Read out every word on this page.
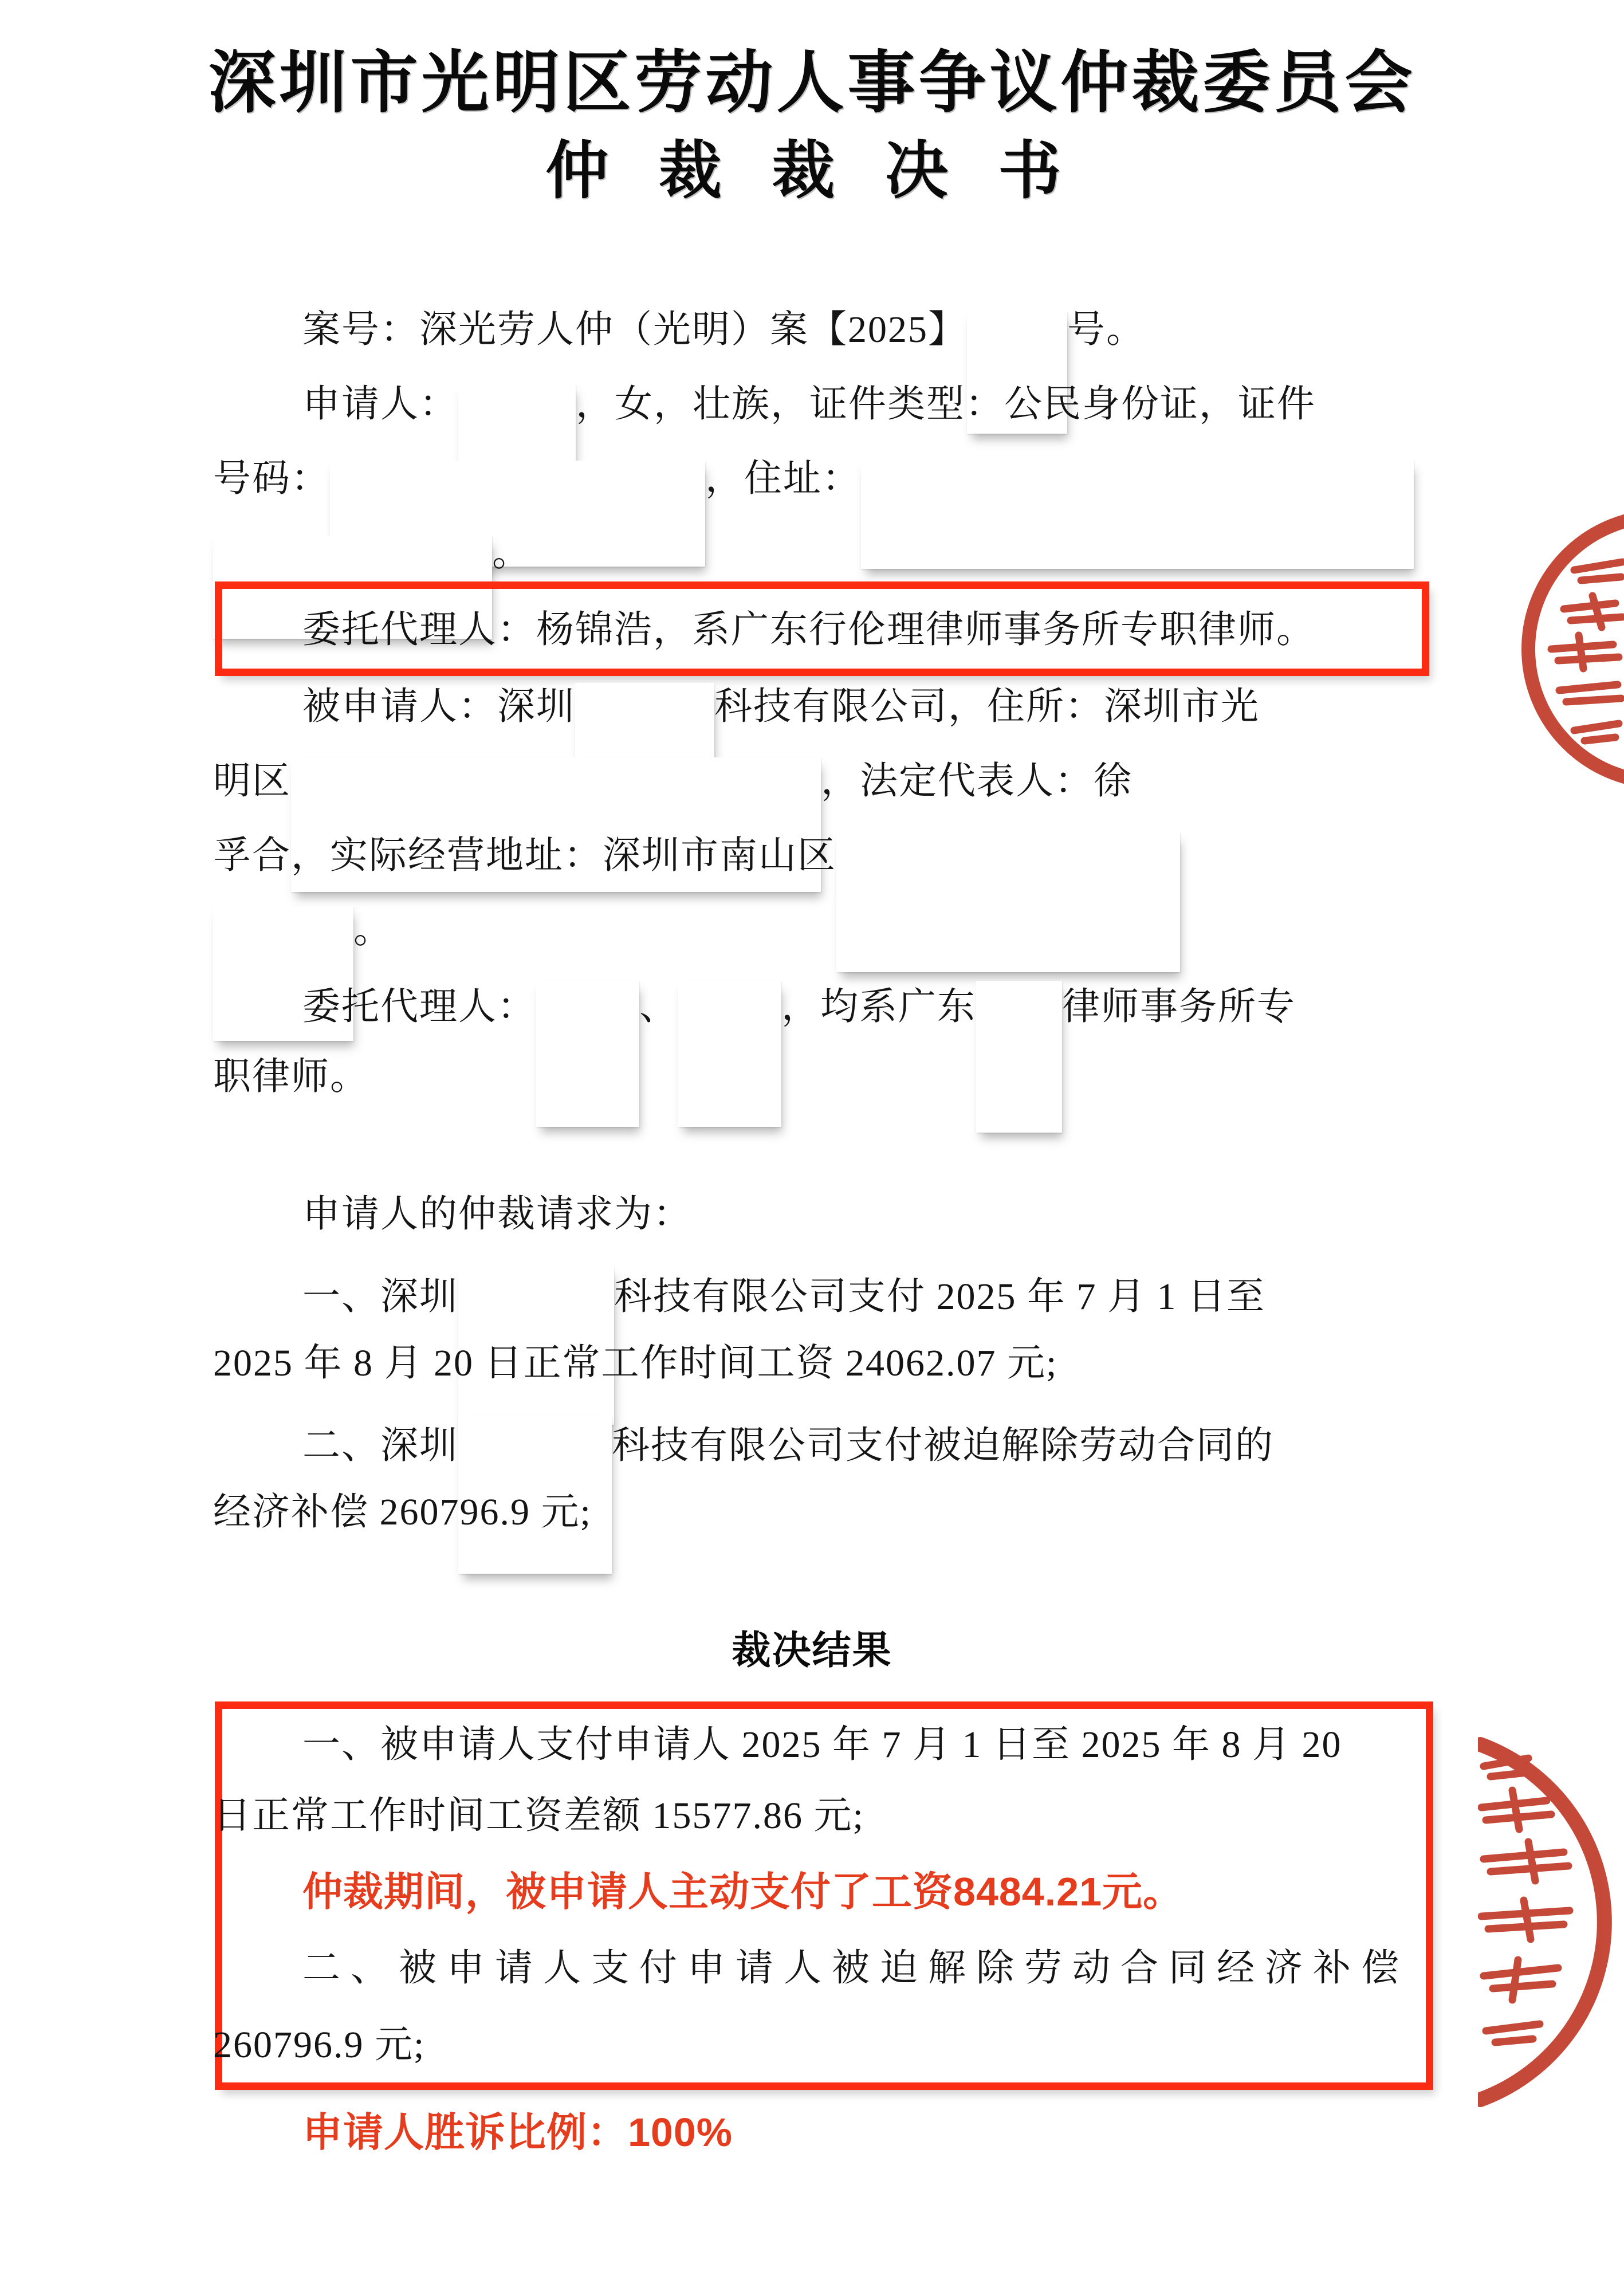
深圳市光明区劳动人事争议仲裁委员会
仲 裁 裁 决 书
案号：深光劳人仲（光明）案【2025】	号。
申请人：	，女，壮族，证件类型：公民身份证，证件
号码：	，住址：
。
委托代理人：杨锦浩，系广东行伦理律师事务所专职律师。
被申请人：深圳	科技有限公司，住所：深圳市光
明区	，法定代表人：徐
孚合，实际经营地址：深圳市南山区
。
委托代理人：	、	，均系广东 律师事务所专
职律师。
申请人的仲裁请求为：
一、深圳	科技有限公司支付 2025 年 7 月 1 日至
2025 年 8 月 20 日正常工作时间工资 24062.07 元;
二、深圳	科技有限公司支付被迫解除劳动合同的
经济补偿 260796.9 元;
裁决结果
一、被申请人支付申请人 2025 年 7 月 1 日至 2025 年 8 月 20
日正常工作时间工资差额 15577.86 元;
仲裁期间，被申请人主动支付了工资8484.21元。
二、被申请人支付申请人被迫解除劳动合同经济补偿
260796.9 元;
申请人胜诉比例：100%
